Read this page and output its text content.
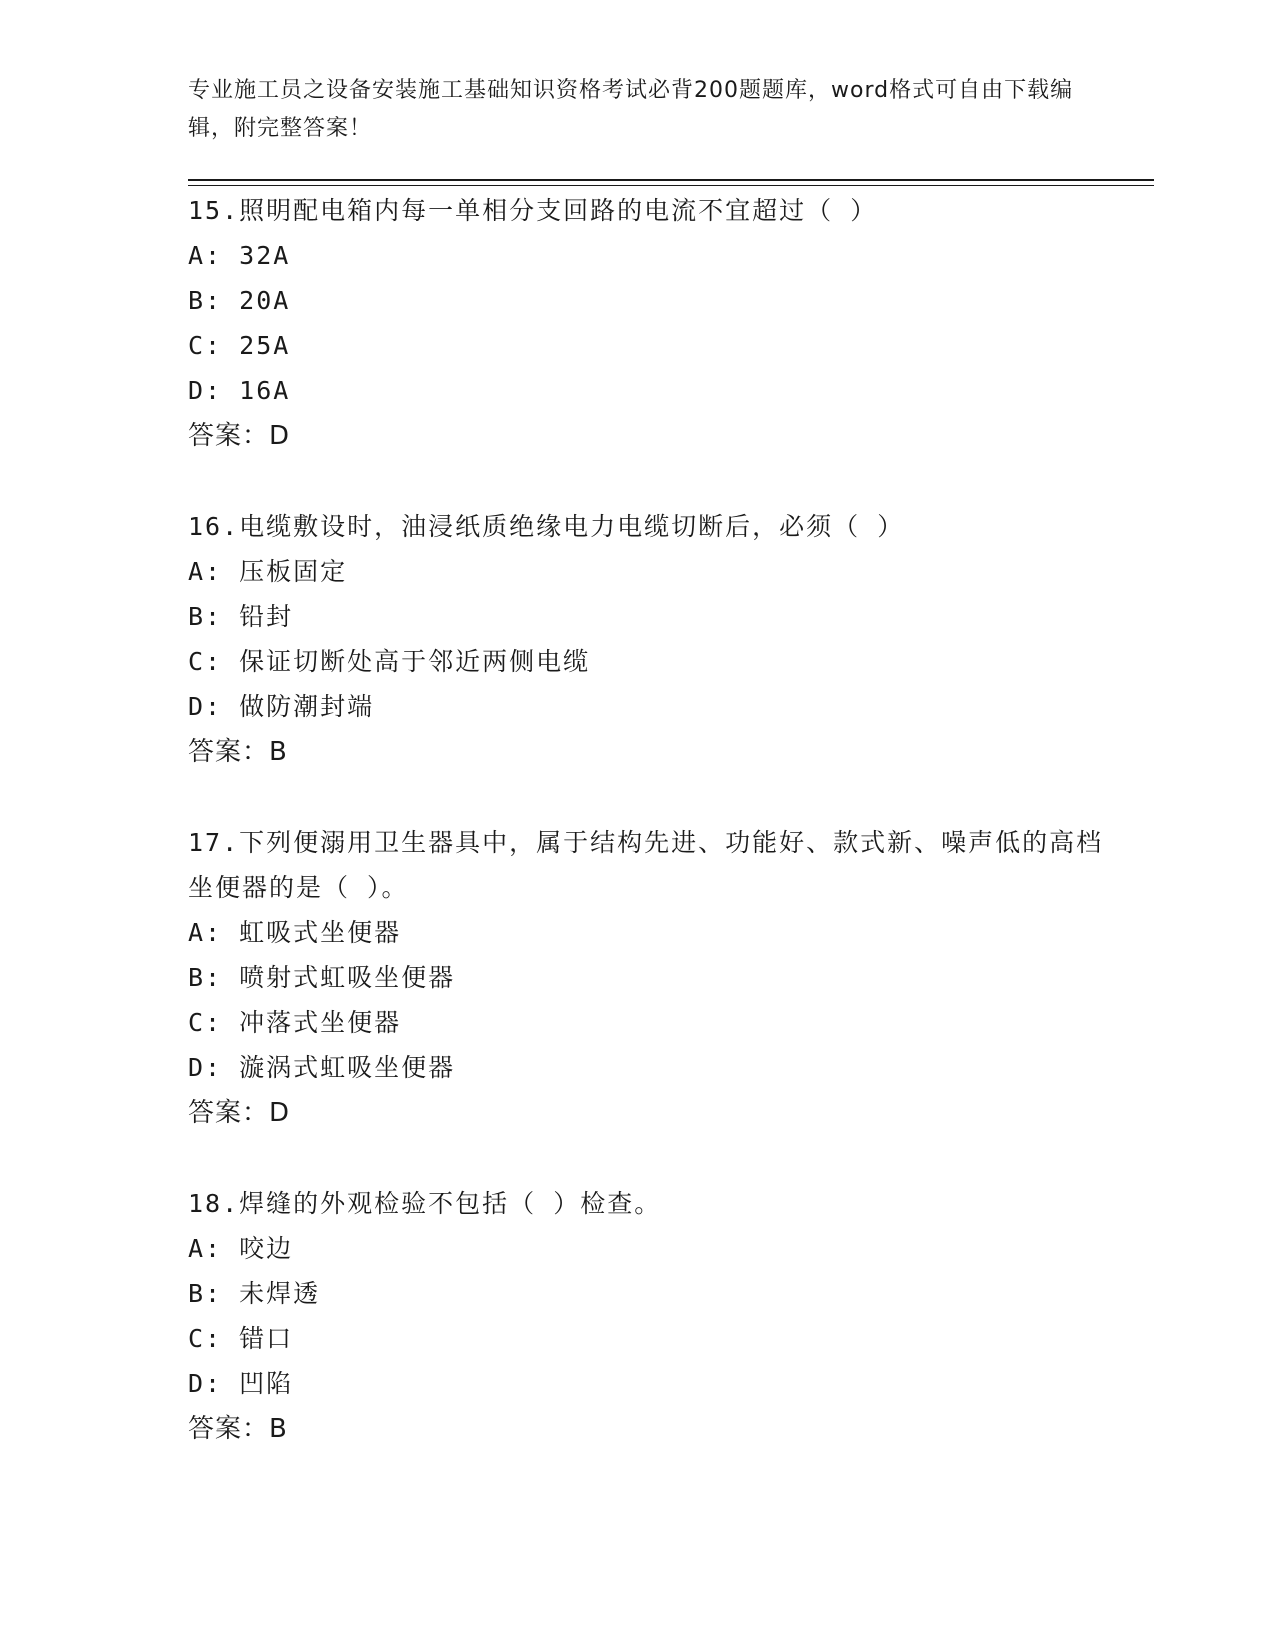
专业施工员之设备安装施工基础知识资格考试必背200题题库，word格式可自由下载编辑，附完整答案！
15.照明配电箱内每一单相分支回路的电流不宜超过（ ）
A: 32A
B: 20A
C: 25A
D: 16A
答案：D
16.电缆敷设时，油浸纸质绝缘电力电缆切断后，必须（ ）
A: 压板固定
B: 铅封
C: 保证切断处高于邻近两侧电缆
D: 做防潮封端
答案：B
17.下列便溺用卫生器具中，属于结构先进、功能好、款式新、噪声低的高档坐便器的是（ ）。
A: 虹吸式坐便器
B: 喷射式虹吸坐便器
C: 冲落式坐便器
D: 漩涡式虹吸坐便器
答案：D
18.焊缝的外观检验不包括（ ）检查。
A: 咬边
B: 未焊透
C: 错口
D: 凹陷
答案：B
